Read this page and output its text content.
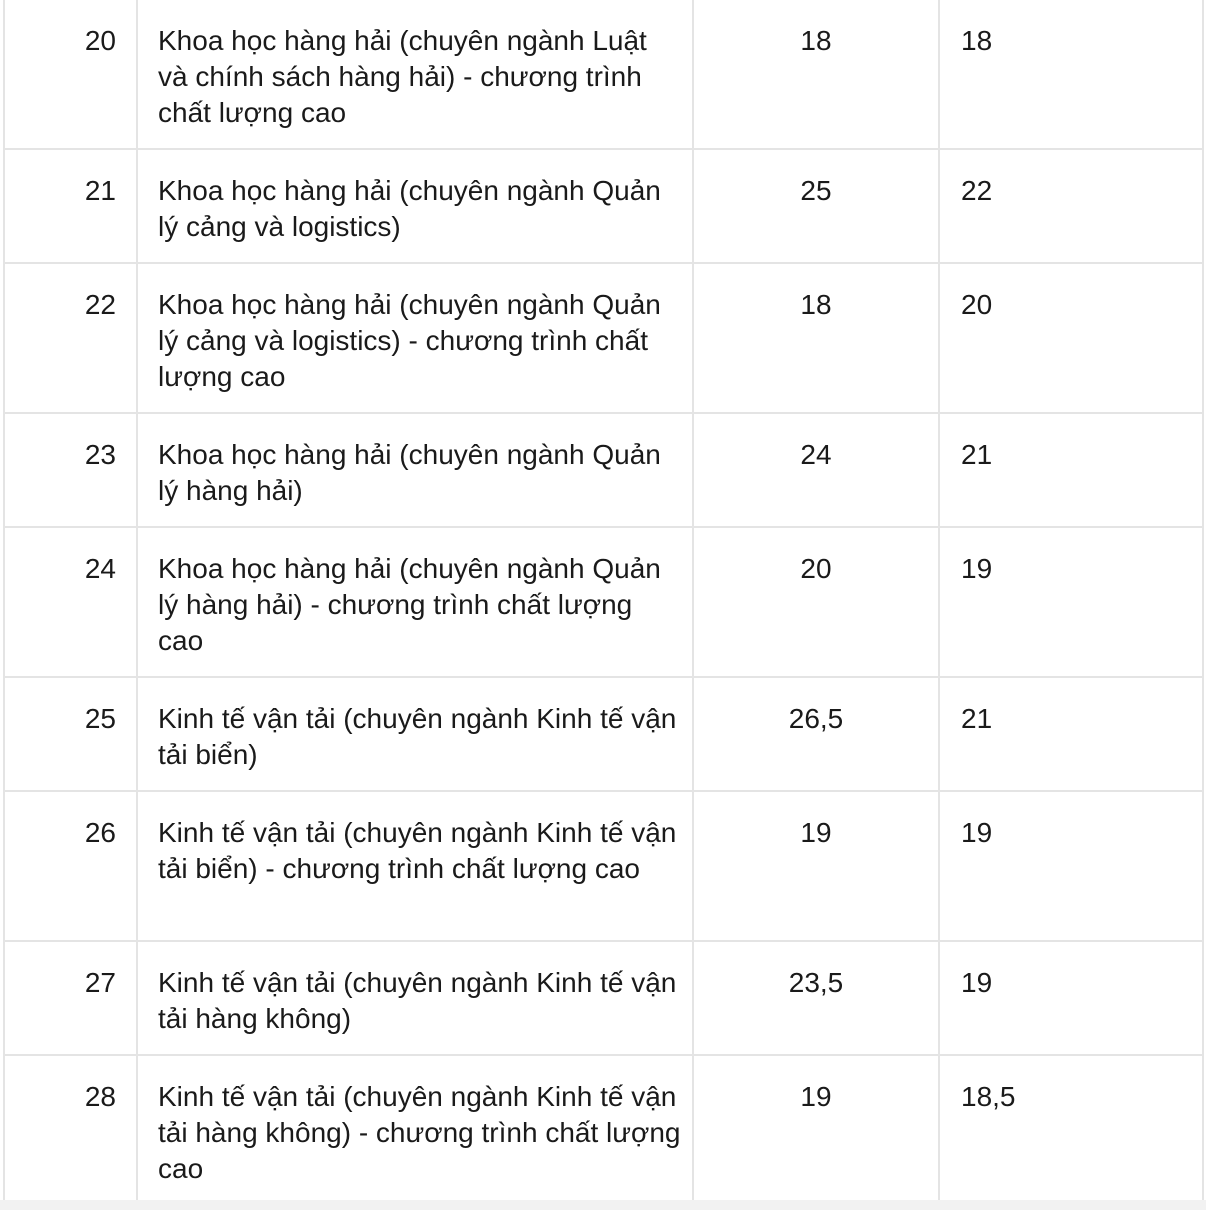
20	Khoa học hàng hải (chuyên ngành Luật và chính sách hàng hải) - chương trình chất lượng cao	18	18
21	Khoa học hàng hải (chuyên ngành Quản lý cảng và logistics)	25	22
22	Khoa học hàng hải (chuyên ngành Quản lý cảng và logistics) - chương trình chất lượng cao	18	20
23	Khoa học hàng hải (chuyên ngành Quản lý hàng hải)	24	21
24	Khoa học hàng hải (chuyên ngành Quản lý hàng hải) - chương trình chất lượng cao	20	19
25	Kinh tế vận tải (chuyên ngành Kinh tế vận tải biển)	26,5	21
26	Kinh tế vận tải (chuyên ngành Kinh tế vận tải biển) - chương trình chất lượng cao	19	19
27	Kinh tế vận tải (chuyên ngành Kinh tế vận tải hàng không)	23,5	19
28	Kinh tế vận tải (chuyên ngành Kinh tế vận tải hàng không) - chương trình chất lượng cao	19	18,5
